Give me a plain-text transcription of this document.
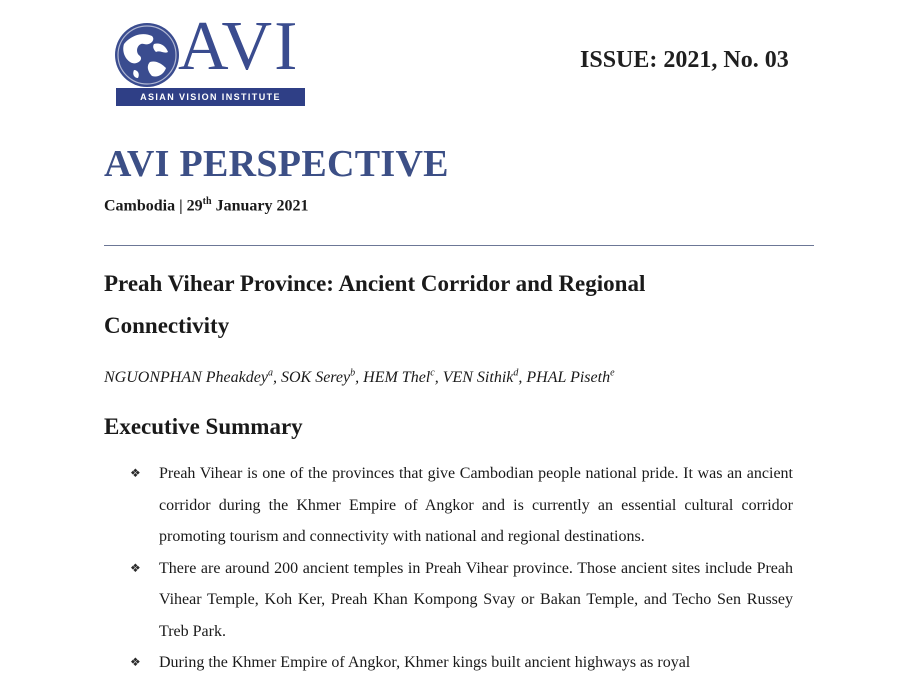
AVI
ASIAN VISION INSTITUTE
ISSUE: 2021, No. 03
AVI PERSPECTIVE
Cambodia | 29th January 2021
Preah Vihear Province: Ancient Corridor and Regional Connectivity
NGUONPHAN Pheakdey$^a$, SOK Serey$^b$, HEM Thel$^c$, VEN Sithik$^d$, PHAL Piseth$^e$
Executive Summary
❖ Preah Vihear is one of the provinces that give Cambodian people national pride. It was an ancient corridor during the Khmer Empire of Angkor and is currently an essential cultural corridor promoting tourism and connectivity with national and regional destinations.
❖ There are around 200 ancient temples in Preah Vihear province. Those ancient sites include Preah Vihear Temple, Koh Ker, Preah Khan Kompong Svay or Bakan Temple, and Techo Sen Russey Treb Park.
❖ During the Khmer Empire of Angkor, Khmer kings built ancient highways as royal
